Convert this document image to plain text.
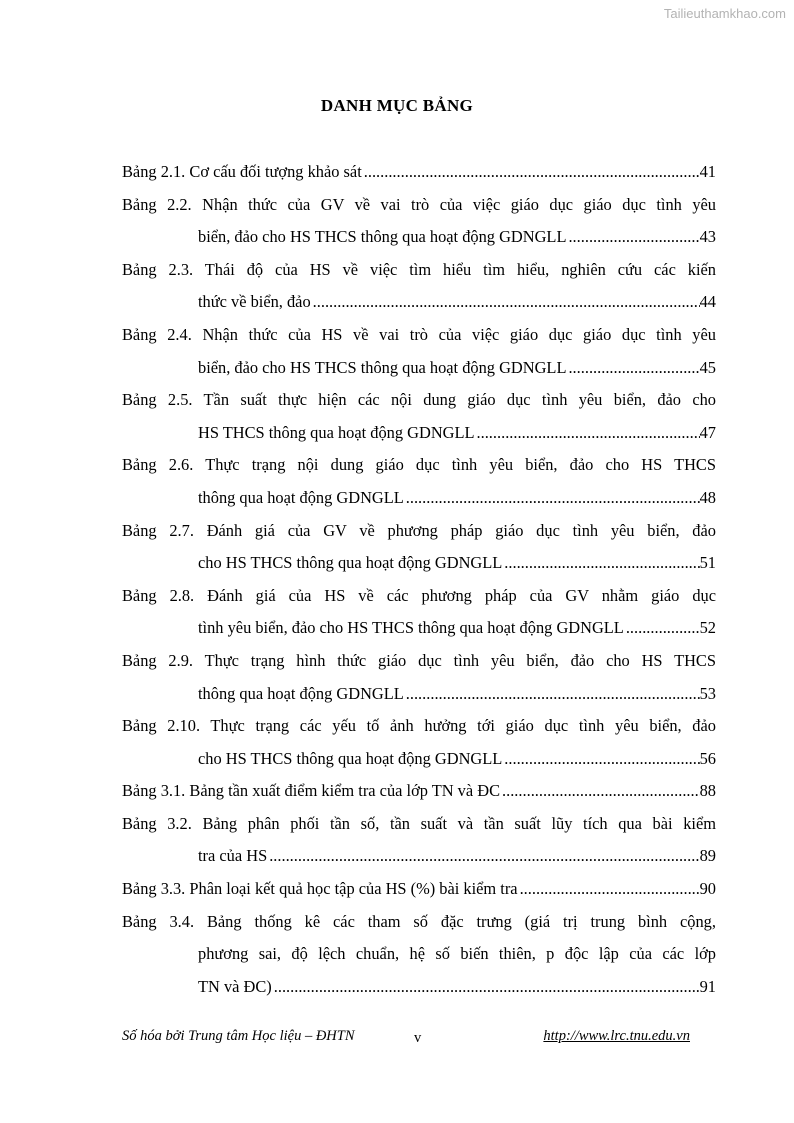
Tailieuthamkhao.com
DANH MỤC BẢNG
Bảng 2.1. Cơ cấu đối tượng khảo sát .....	41
Bảng 2.2. Nhận thức của GV về vai trò của việc giáo dục giáo dục tình yêu
biển, đảo cho HS THCS thông qua hoạt động GDNGLL .....	43
Bảng 2.3. Thái độ của HS về việc tìm hiểu tìm hiểu, nghiên cứu các kiến
thức về biển, đảo .....	44
Bảng 2.4. Nhận thức của HS về vai trò của việc giáo dục giáo dục tình yêu
biển, đảo cho HS THCS thông qua hoạt động GDNGLL .....	45
Bảng 2.5. Tần suất thực hiện các nội dung giáo dục tình yêu biển, đảo cho
HS THCS thông qua hoạt động GDNGLL .....	47
Bảng 2.6. Thực trạng nội dung giáo dục tình yêu biển, đảo cho HS THCS
thông qua hoạt động GDNGLL .....	48
Bảng 2.7. Đánh giá của GV về phương pháp giáo dục tình yêu biển, đảo
cho HS THCS thông qua hoạt động GDNGLL .....	51
Bảng 2.8. Đánh giá của HS về các phương pháp của GV nhằm giáo dục
tình yêu biển, đảo cho HS THCS thông qua hoạt động GDNGLL .....	52
Bảng 2.9. Thực trạng hình thức giáo dục tình yêu biển, đảo cho HS THCS
thông qua hoạt động GDNGLL .....	53
Bảng 2.10. Thực trạng các yếu tố ảnh hưởng tới giáo dục tình yêu biển, đảo
cho HS THCS thông qua hoạt động GDNGLL .....	56
Bảng 3.1. Bảng tần xuất điểm kiểm tra của lớp TN và ĐC .....	88
Bảng 3.2. Bảng phân phối tần số, tần suất và tần suất lũy tích qua bài kiểm
tra của HS .....	89
Bảng 3.3. Phân loại kết quả học tập của HS (%) bài kiểm tra .....	90
Bảng 3.4. Bảng thống kê các tham số đặc trưng (giá trị trung bình cộng,
phương sai, độ lệch chuẩn, hệ số biến thiên, p độc lập của các lớp
TN và ĐC) .....	91
Số hóa bởi Trung tâm Học liệu – ĐHTN	v	http://www.lrc.tnu.edu.vn
